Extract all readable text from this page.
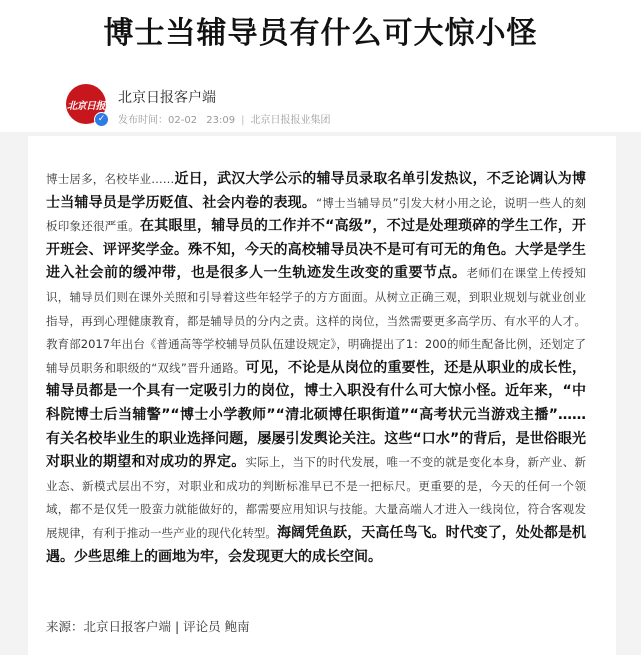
博士当辅导员有什么可大惊小怪
北京日报
✓
北京日报客户端
发布时间：02-02 23:09 | 北京日报报业集团
博士居多，名校毕业……近日，武汉大学公示的辅导员录取名单引发热议，不乏论调认为博士当辅导员是学历贬值、社会内卷的表现。“博士当辅导员”引发大材小用之论，说明一些人的刻板印象还很严重。在其眼里，辅导员的工作并不“高级”，不过是处理琐碎的学生工作，开开班会、评评奖学金。殊不知，今天的高校辅导员决不是可有可无的角色。大学是学生进入社会前的缓冲带，也是很多人一生轨迹发生改变的重要节点。老师们在课堂上传授知识，辅导员们则在课外关照和引导着这些年轻学子的方方面面。从树立正确三观，到职业规划与就业创业指导，再到心理健康教育，都是辅导员的分内之责。这样的岗位，当然需要更多高学历、有水平的人才。教育部2017年出台《普通高等学校辅导员队伍建设规定》，明确提出了1：200的师生配备比例，还划定了辅导员职务和职级的“双线”晋升通路。可见，不论是从岗位的重要性，还是从职业的成长性，辅导员都是一个具有一定吸引力的岗位，博士入职没有什么可大惊小怪。近年来，“中科院博士后当辅警”“博士小学教师”“清北硕博任职街道”“高考状元当游戏主播”……有关名校毕业生的职业选择问题，屡屡引发舆论关注。这些“口水”的背后，是世俗眼光对职业的期望和对成功的界定。实际上，当下的时代发展，唯一不变的就是变化本身，新产业、新业态、新模式层出不穷，对职业和成功的判断标准早已不是一把标尺。更重要的是，今天的任何一个领域，都不是仅凭一股蛮力就能做好的，都需要应用知识与技能。大量高端人才进入一线岗位，符合客观发展规律，有利于推动一些产业的现代化转型。海阔凭鱼跃，天高任鸟飞。时代变了，处处都是机遇。少些思维上的画地为牢，会发现更大的成长空间。
来源：北京日报客户端 | 评论员 鲍南
